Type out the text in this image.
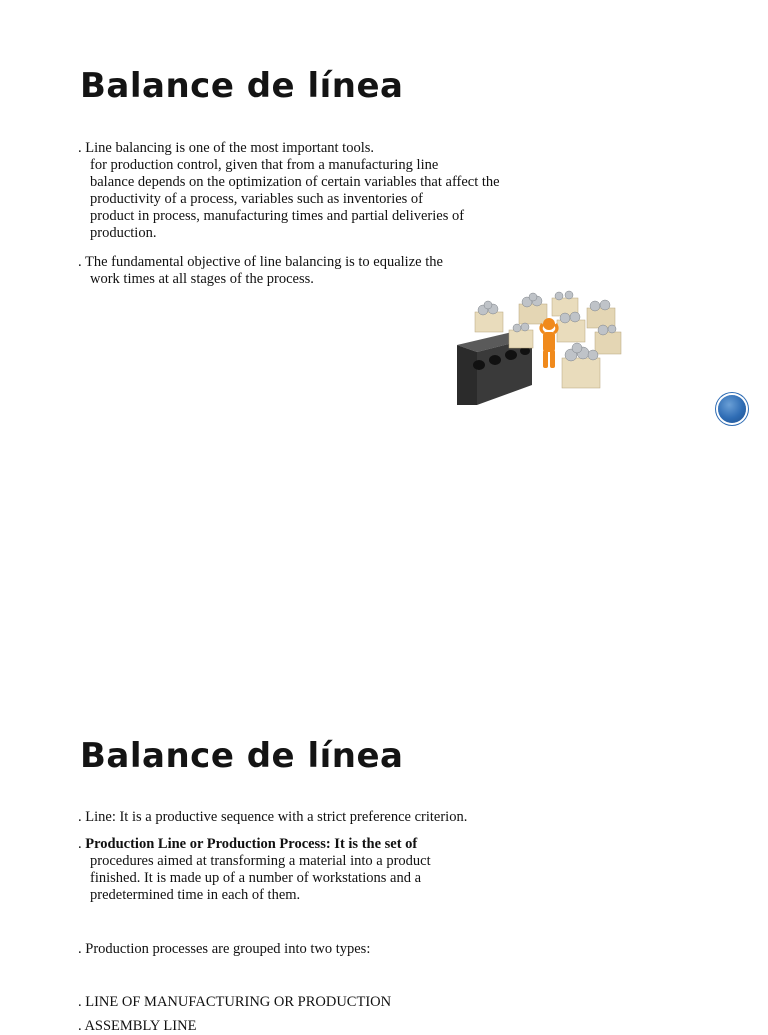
Balance de línea
. Line balancing is one of the most important tools.
for production control, given that from a manufacturing line
balance depends on the optimization of certain variables that affect the
productivity of a process, variables such as inventories of
product in process, manufacturing times and partial deliveries of
production.
. The fundamental objective of line balancing is to equalize the
work times at all stages of the process.
Balance de línea

. Line: It is a productive sequence with a strict preference criterion.

. Production Line or Production Process: It is the set of
procedures aimed at transforming a material into a product
finished. It is made up of a number of workstations and a
predetermined time in each of them.

. Production processes are grouped into two types:

. LINE OF MANUFACTURING OR PRODUCTION

. ASSEMBLY LINE
